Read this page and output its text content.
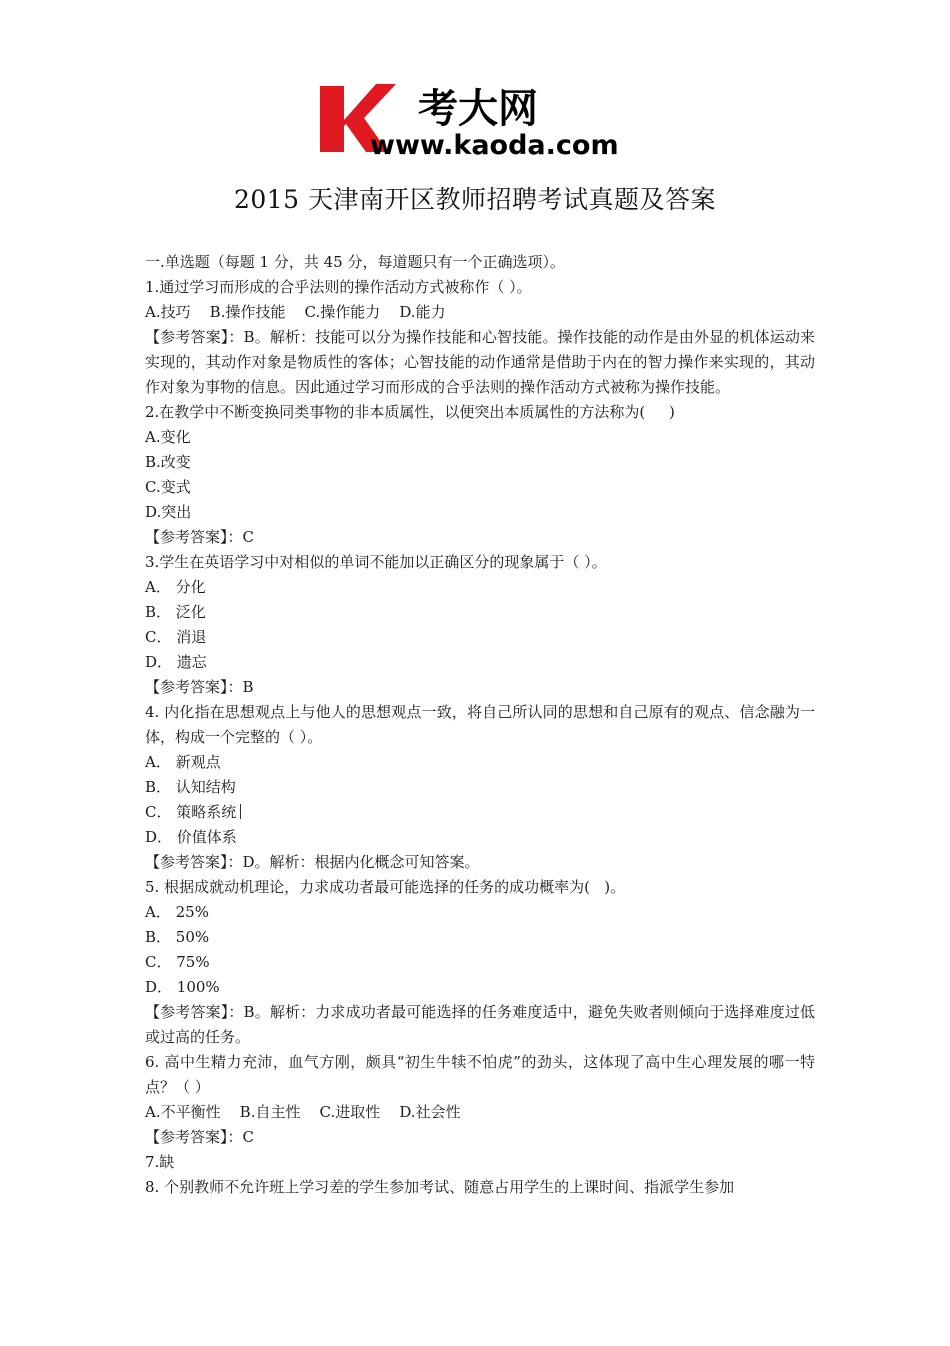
考大网
www.kaoda.com
2015 天津南开区教师招聘考试真题及答案
一.单选题（每题 1 分，共 45 分，每道题只有一个正确选项）。
1.通过学习而形成的合乎法则的操作活动方式被称作（ ）。
A.技巧    B.操作技能    C.操作能力    D.能力
【参考答案】：B。解析：技能可以分为操作技能和心智技能。操作技能的动作是由外显的机体运动来实现的，其动作对象是物质性的客体；心智技能的动作通常是借助于内在的智力操作来实现的，其动作对象为事物的信息。因此通过学习而形成的合乎法则的操作活动方式被称为操作技能。
2.在教学中不断变换同类事物的非本质属性，以便突出本质属性的方法称为(     )
A.变化
B.改变
C.变式
D.突出
【参考答案】：C
3.学生在英语学习中对相似的单词不能加以正确区分的现象属于（ ）。
A． 分化
B． 泛化
C． 消退
D． 遗忘
【参考答案】：B
4. 内化指在思想观点上与他人的思想观点一致，将自己所认同的思想和自己原有的观点、信念融为一体，构成一个完整的（ ）。
A． 新观点
B． 认知结构
C． 策略系统
D． 价值体系
【参考答案】：D。解析：根据内化概念可知答案。
5. 根据成就动机理论，力求成功者最可能选择的任务的成功概率为(   )。
A． 25%
B． 50%
C． 75%
D． 100%
【参考答案】：B。解析：力求成功者最可能选择的任务难度适中，避免失败者则倾向于选择难度过低或过高的任务。
6. 高中生精力充沛，血气方刚，颇具“初生牛犊不怕虎”的劲头，这体现了高中生心理发展的哪一特点？（ ）
A.不平衡性    B.自主性    C.进取性    D.社会性
【参考答案】：C
7.缺
8. 个别教师不允许班上学习差的学生参加考试、随意占用学生的上课时间、指派学生参加
